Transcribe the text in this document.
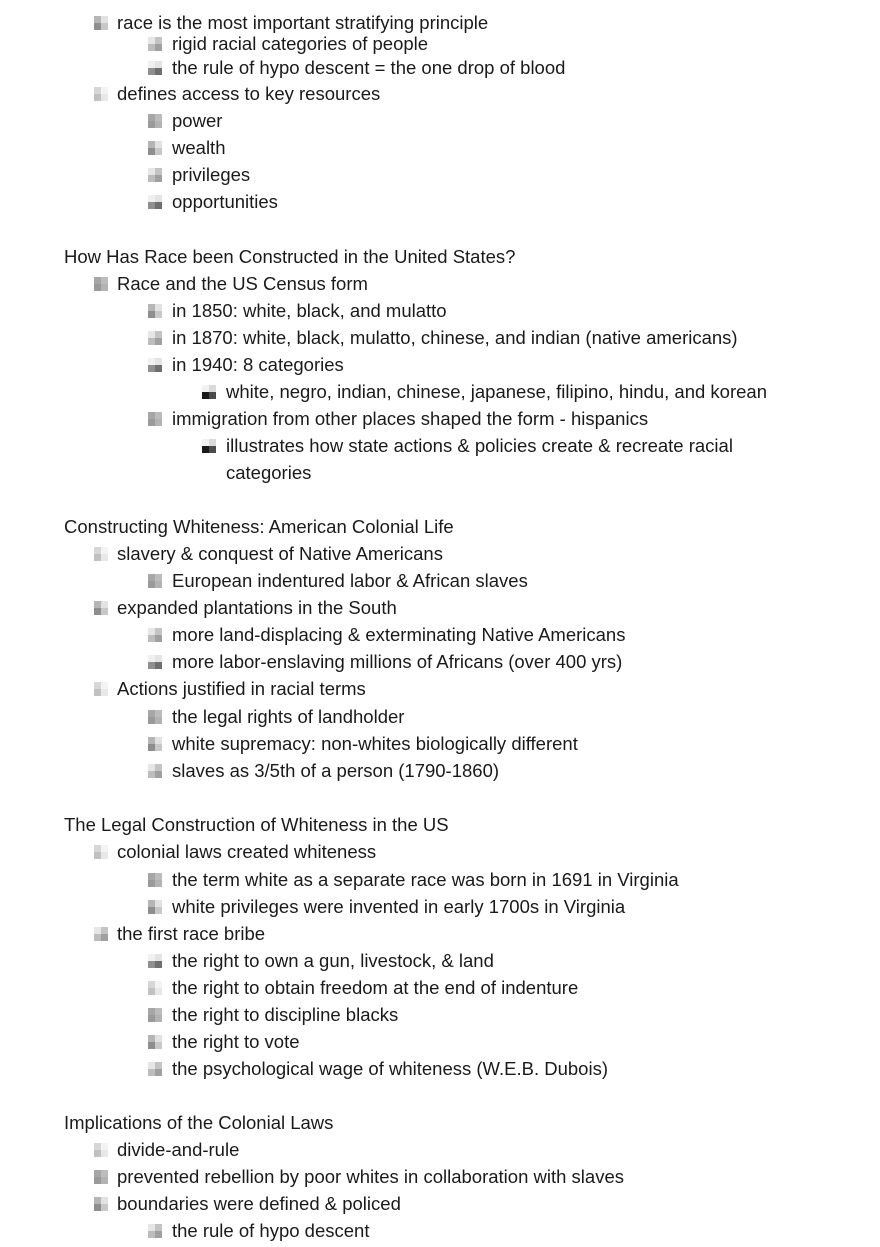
race is the most important stratifying principle
rigid racial categories of people
the rule of hypo descent = the one drop of blood
defines access to key resources
power
wealth
privileges
opportunities
How Has Race been Constructed in the United States?
Race and the US Census form
in 1850: white, black, and mulatto
in 1870: white, black, mulatto, chinese, and indian (native americans)
in 1940: 8 categories
white, negro, indian, chinese, japanese, filipino, hindu, and korean
immigration from other places shaped the form - hispanics
illustrates how state actions & policies create & recreate racial
categories
Constructing Whiteness: American Colonial Life
slavery & conquest of Native Americans
European indentured labor & African slaves
expanded plantations in the South
more land-displacing & exterminating Native Americans
more labor-enslaving millions of Africans (over 400 yrs)
Actions justified in racial terms
the legal rights of landholder
white supremacy: non-whites biologically different
slaves as 3/5th of a person (1790-1860)
The Legal Construction of Whiteness in the US
colonial laws created whiteness
the term white as a separate race was born in 1691 in Virginia
white privileges were invented in early 1700s in Virginia
the first race bribe
the right to own a gun, livestock, & land
the right to obtain freedom at the end of indenture
the right to discipline blacks
the right to vote
the psychological wage of whiteness (W.E.B. Dubois)
Implications of the Colonial Laws
divide-and-rule
prevented rebellion by poor whites in collaboration with slaves
boundaries were defined & policed
the rule of hypo descent
